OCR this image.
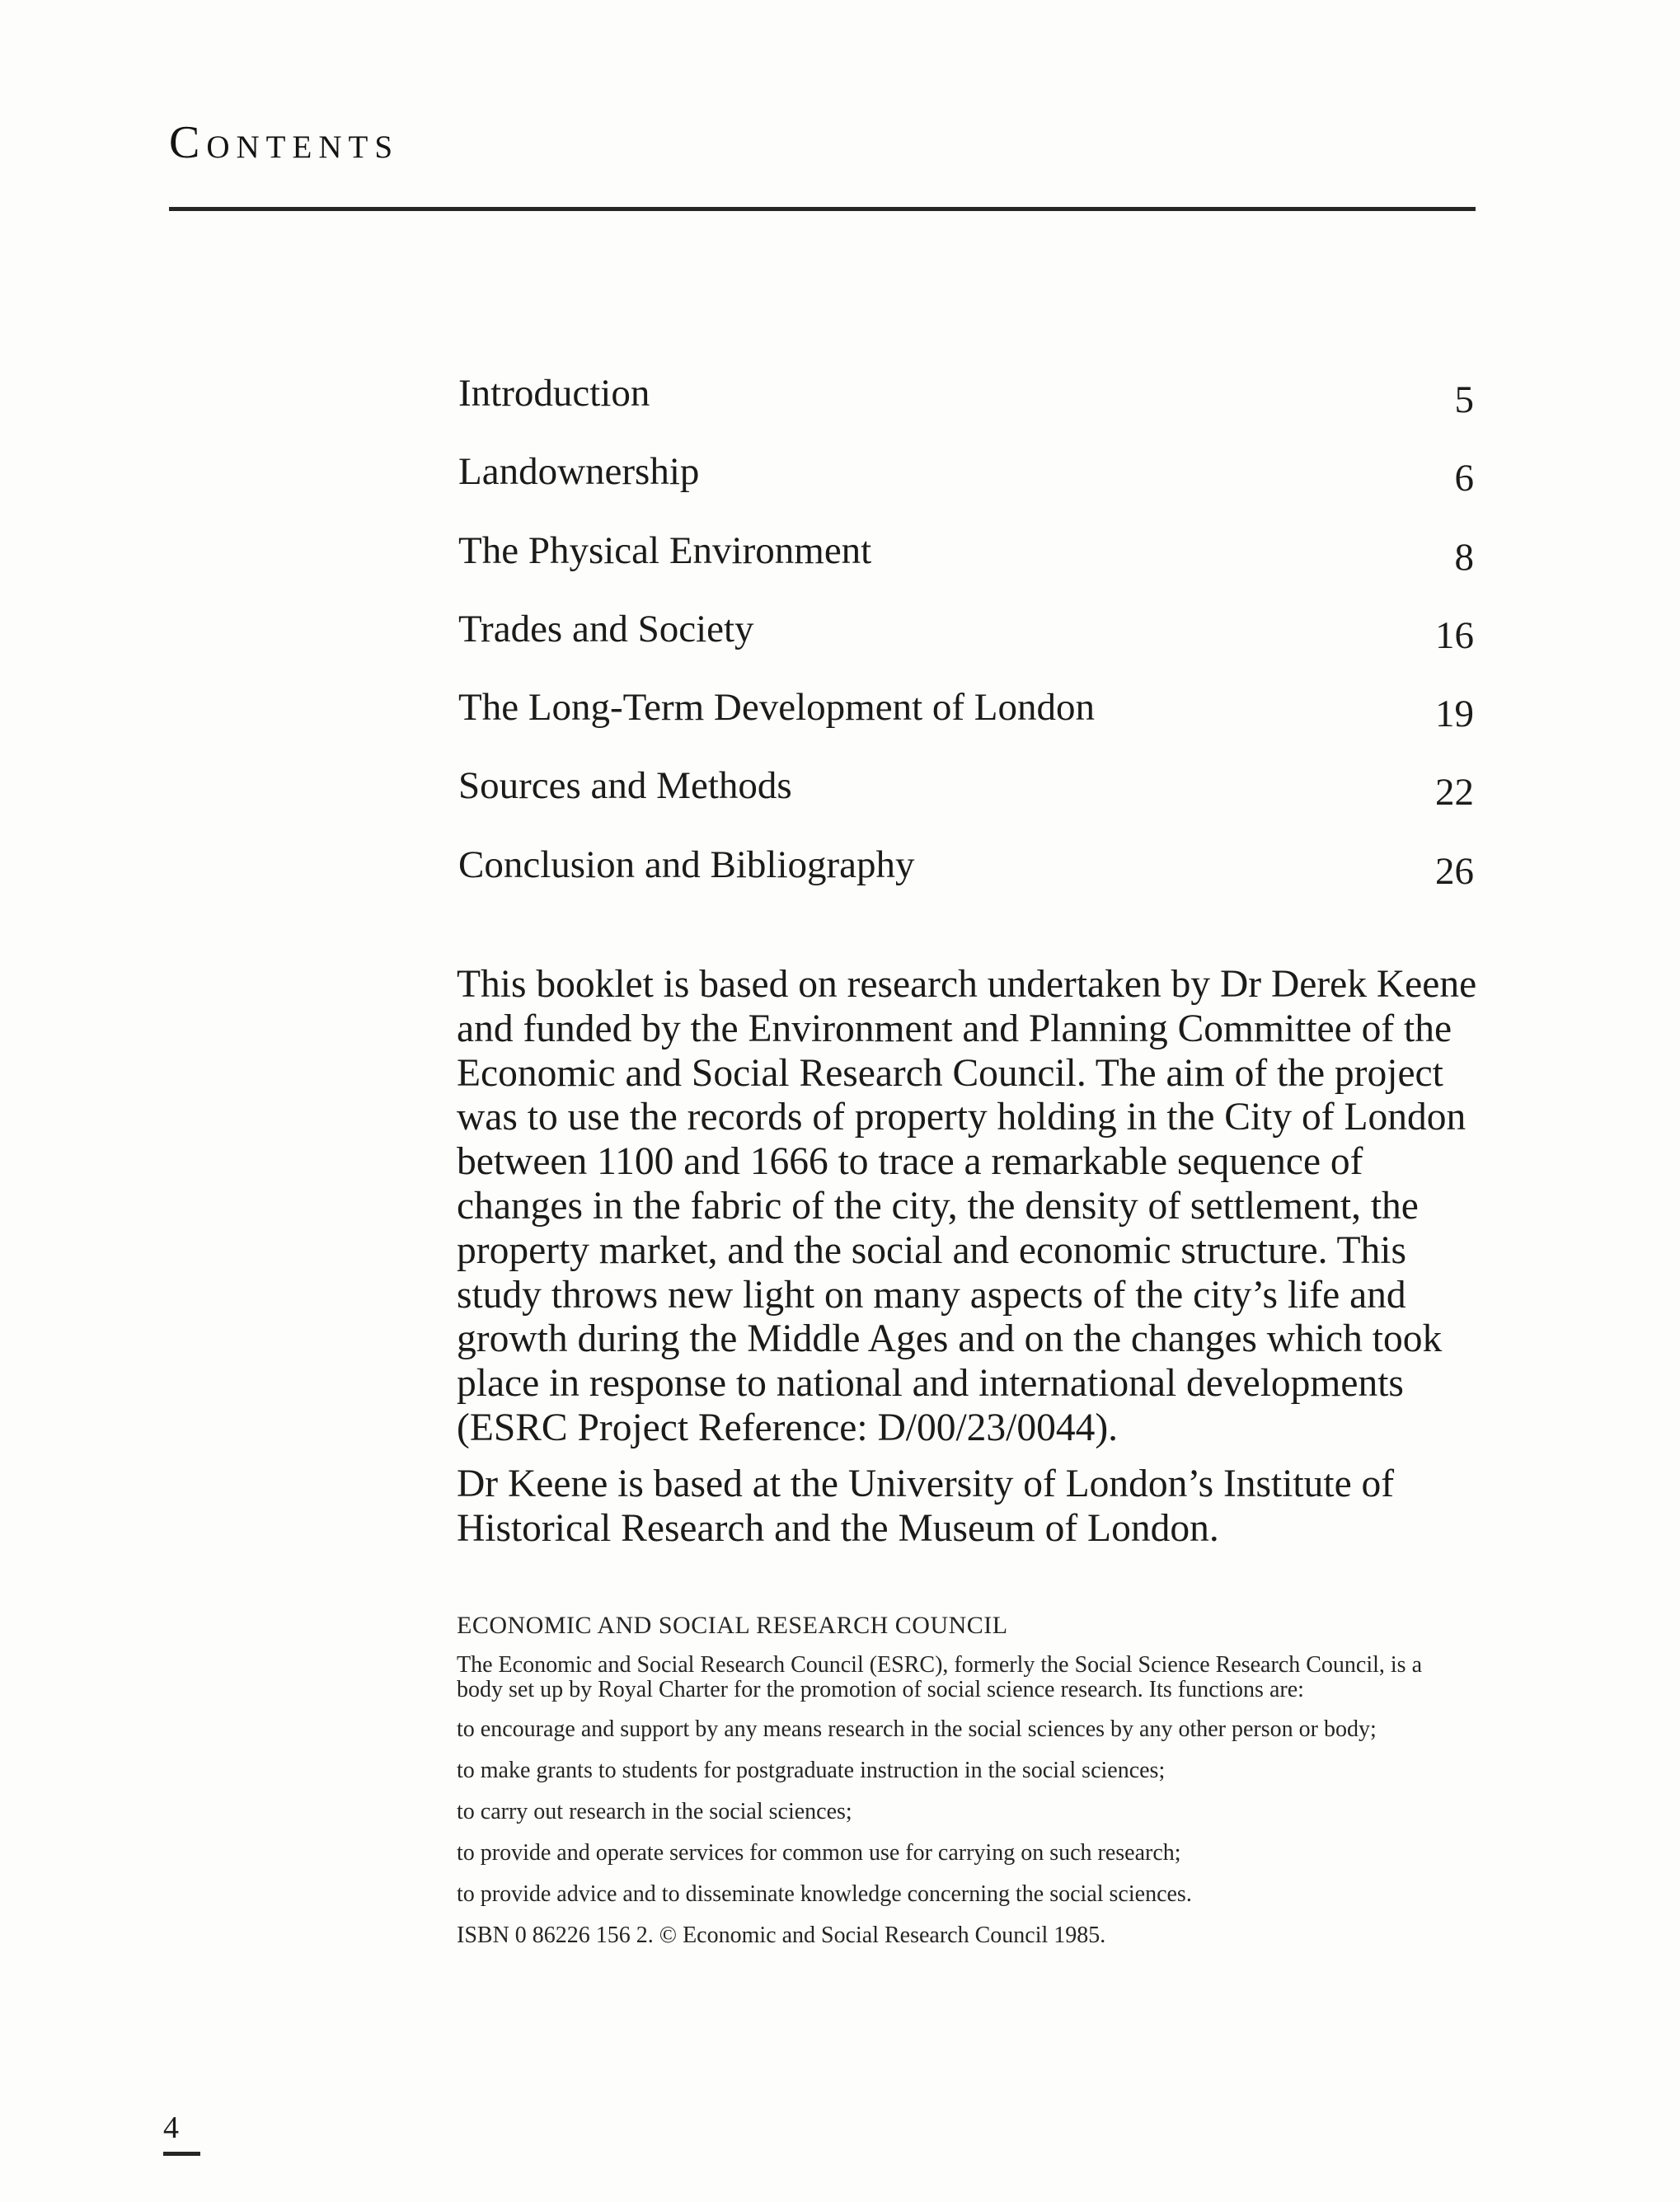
Contents
Introduction	5
Landownership	6
The Physical Environment	8
Trades and Society	16
The Long-Term Development of London	19
Sources and Methods	22
Conclusion and Bibliography	26

This booklet is based on research undertaken by Dr Derek Keene and funded by the Environment and Planning Committee of the Economic and Social Research Council. The aim of the project was to use the records of property holding in the City of London between 1100 and 1666 to trace a remarkable sequence of changes in the fabric of the city, the density of settlement, the property market, and the social and economic structure. This study throws new light on many aspects of the city’s life and growth during the Middle Ages and on the changes which took place in response to national and international developments (ESRC Project Reference: D/00/23/0044).

Dr Keene is based at the University of London’s Institute of Historical Research and the Museum of London.

ECONOMIC AND SOCIAL RESEARCH COUNCIL

The Economic and Social Research Council (ESRC), formerly the Social Science Research Council, is a body set up by Royal Charter for the promotion of social science research. Its functions are:

to encourage and support by any means research in the social sciences by any other person or body;
to make grants to students for postgraduate instruction in the social sciences;
to carry out research in the social sciences;
to provide and operate services for common use for carrying on such research;
to provide advice and to disseminate knowledge concerning the social sciences.

ISBN 0 86226 156 2. © Economic and Social Research Council 1985.

4
